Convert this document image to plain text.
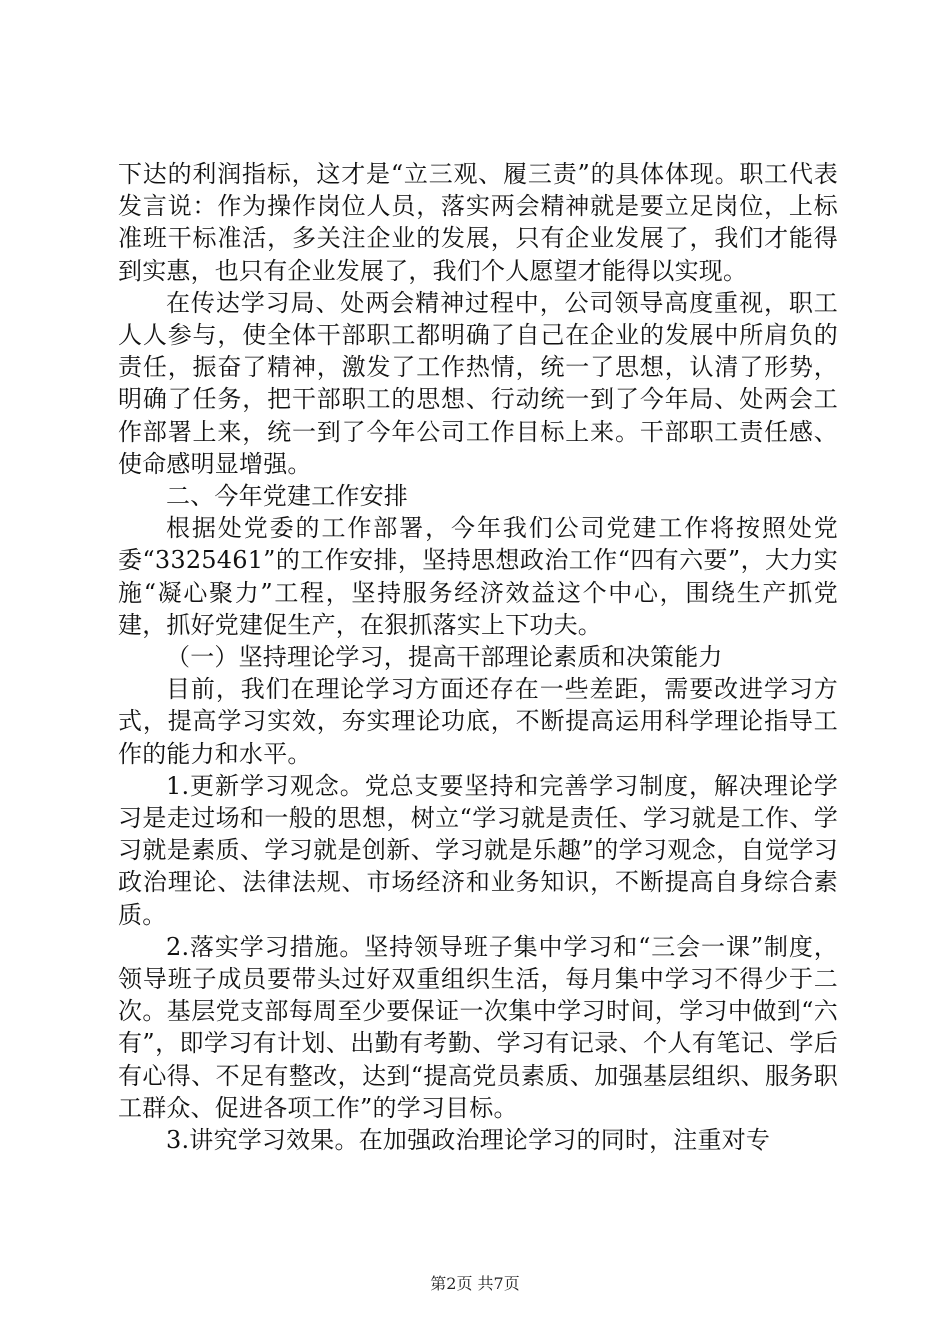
下达的利润指标，这才是“立三观、履三责”的具体体现。职工代表发言说：作为操作岗位人员，落实两会精神就是要立足岗位，上标准班干标准活，多关注企业的发展，只有企业发展了，我们才能得到实惠，也只有企业发展了，我们个人愿望才能得以实现。

在传达学习局、处两会精神过程中，公司领导高度重视，职工人人参与，使全体干部职工都明确了自己在企业的发展中所肩负的责任，振奋了精神，激发了工作热情，统一了思想，认清了形势，明确了任务，把干部职工的思想、行动统一到了今年局、处两会工作部署上来，统一到了今年公司工作目标上来。干部职工责任感、使命感明显增强。

二、今年党建工作安排

根据处党委的工作部署，今年我们公司党建工作将按照处党委“3325461”的工作安排，坚持思想政治工作“四有六要”，大力实施“凝心聚力”工程，坚持服务经济效益这个中心，围绕生产抓党建，抓好党建促生产，在狠抓落实上下功夫。

（一）坚持理论学习，提高干部理论素质和决策能力

目前，我们在理论学习方面还存在一些差距，需要改进学习方式，提高学习实效，夯实理论功底，不断提高运用科学理论指导工作的能力和水平。

1.更新学习观念。党总支要坚持和完善学习制度，解决理论学习是走过场和一般的思想，树立“学习就是责任、学习就是工作、学习就是素质、学习就是创新、学习就是乐趣”的学习观念，自觉学习政治理论、法律法规、市场经济和业务知识，不断提高自身综合素质。

2.落实学习措施。坚持领导班子集中学习和“三会一课”制度，领导班子成员要带头过好双重组织生活，每月集中学习不得少于二次。基层党支部每周至少要保证一次集中学习时间，学习中做到“六有”，即学习有计划、出勤有考勤、学习有记录、个人有笔记、学后有心得、不足有整改，达到“提高党员素质、加强基层组织、服务职工群众、促进各项工作”的学习目标。

3.讲究学习效果。在加强政治理论学习的同时，注重对专

第2页 共7页
